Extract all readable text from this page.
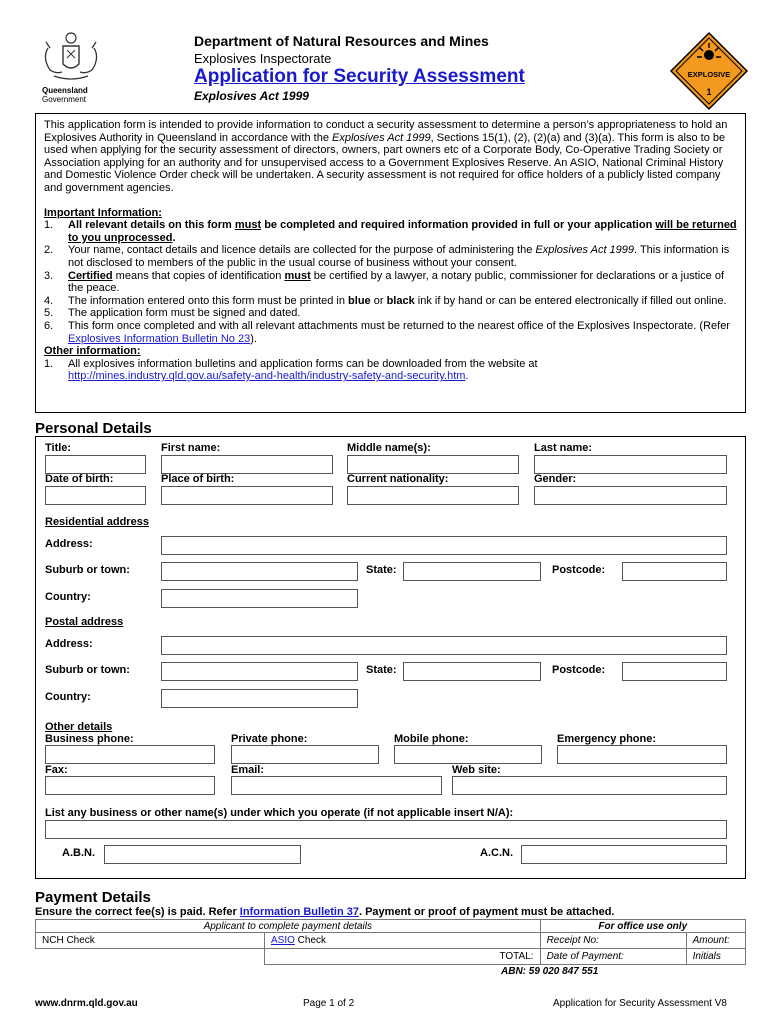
Queensland
Government
Department of Natural Resources and Mines
Explosives Inspectorate
Application for Security Assessment
Explosives Act 1999
EXPLOSIVE
1

This application form is intended to provide information to conduct a security assessment to determine a person’s appropriateness to hold an Explosives Authority in Queensland in accordance with the Explosives Act 1999, Sections 15(1), (2), (2)(a) and (3)(a). This form is also to be used when applying for the security assessment of directors, owners, part owners etc of a Corporate Body, Co-Operative Trading Society or Association applying for an authority and for unsupervised access to a Government Explosives Reserve. An ASIO, National Criminal History and Domestic Violence Order check will be undertaken. A security assessment is not required for office holders of a publicly listed company and government agencies.

Important Information:
1.	All relevant details on this form must be completed and required information provided in full or your application will be returned to you unprocessed.
2.	Your name, contact details and licence details are collected for the purpose of administering the Explosives Act 1999. This information is not disclosed to members of the public in the usual course of business without your consent.
3.	Certified means that copies of identification must be certified by a lawyer, a notary public, commissioner for declarations or a justice of the peace.
4.	The information entered onto this form must be printed in blue or black ink if by hand or can be entered electronically if filled out online.
5.	The application form must be signed and dated.
6.	This form once completed and with all relevant attachments must be returned to the nearest office of the Explosives Inspectorate. (Refer Explosives Information Bulletin No 23).
Other information:
1.	All explosives information bulletins and application forms can be downloaded from the website at
http://mines.industry.qld.gov.au/safety-and-health/industry-safety-and-security.htm.
Personal Details
Title:	First name:	Middle name(s):	Last name:
Date of birth:	Place of birth:	Current nationality:	Gender:
Residential address
Address:
Suburb or town:	State:	Postcode:
Country:
Postal address
Address:
Suburb or town:	State:	Postcode:
Country:
Other details
Business phone:	Private phone:	Mobile phone:	Emergency phone:
Fax:	Email:	Web site:
List any business or other name(s) under which you operate (if not applicable insert N/A):
A.B.N.	A.C.N.
Payment Details
Ensure the correct fee(s) is paid. Refer Information Bulletin 37. Payment or proof of payment must be attached.
Applicant to complete payment details		For office use only	
NCH Check	ASIO Check	Receipt No:	Amount:
	TOTAL:	Date of Payment:	Initials
ABN: 59 020 847 551
www.dnrm.qld.gov.au	Page 1 of 2	Application for Security Assessment V8
